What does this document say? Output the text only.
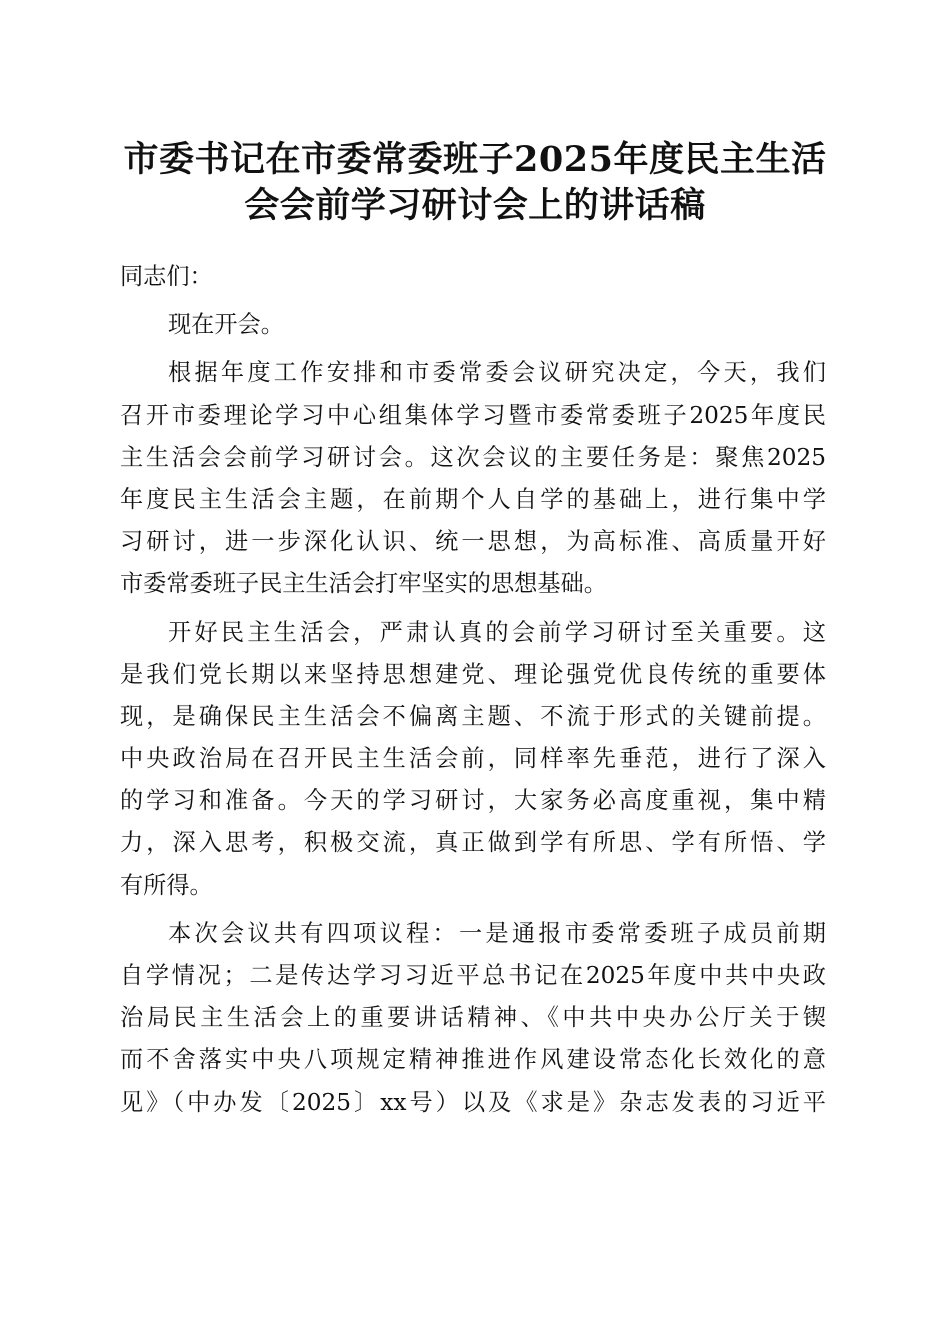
市委书记在市委常委班子2025年度民主生活
会会前学习研讨会上的讲话稿
同志们：
现在开会。
根据年度工作安排和市委常委会议研究决定，今天，我们
召开市委理论学习中心组集体学习暨市委常委班子2025年度民
主生活会会前学习研讨会。这次会议的主要任务是：聚焦2025
年度民主生活会主题，在前期个人自学的基础上，进行集中学
习研讨，进一步深化认识、统一思想，为高标准、高质量开好
市委常委班子民主生活会打牢坚实的思想基础。
开好民主生活会，严肃认真的会前学习研讨至关重要。这
是我们党长期以来坚持思想建党、理论强党优良传统的重要体
现，是确保民主生活会不偏离主题、不流于形式的关键前提。
中央政治局在召开民主生活会前，同样率先垂范，进行了深入
的学习和准备。今天的学习研讨，大家务必高度重视，集中精
力，深入思考，积极交流，真正做到学有所思、学有所悟、学
有所得。
本次会议共有四项议程：一是通报市委常委班子成员前期
自学情况；二是传达学习习近平总书记在2025年度中共中央政
治局民主生活会上的重要讲话精神、《中共中央办公厅关于锲
而不舍落实中央八项规定精神推进作风建设常态化长效化的意
见》（中办发〔2025〕xx号）以及《求是》杂志发表的习近平
